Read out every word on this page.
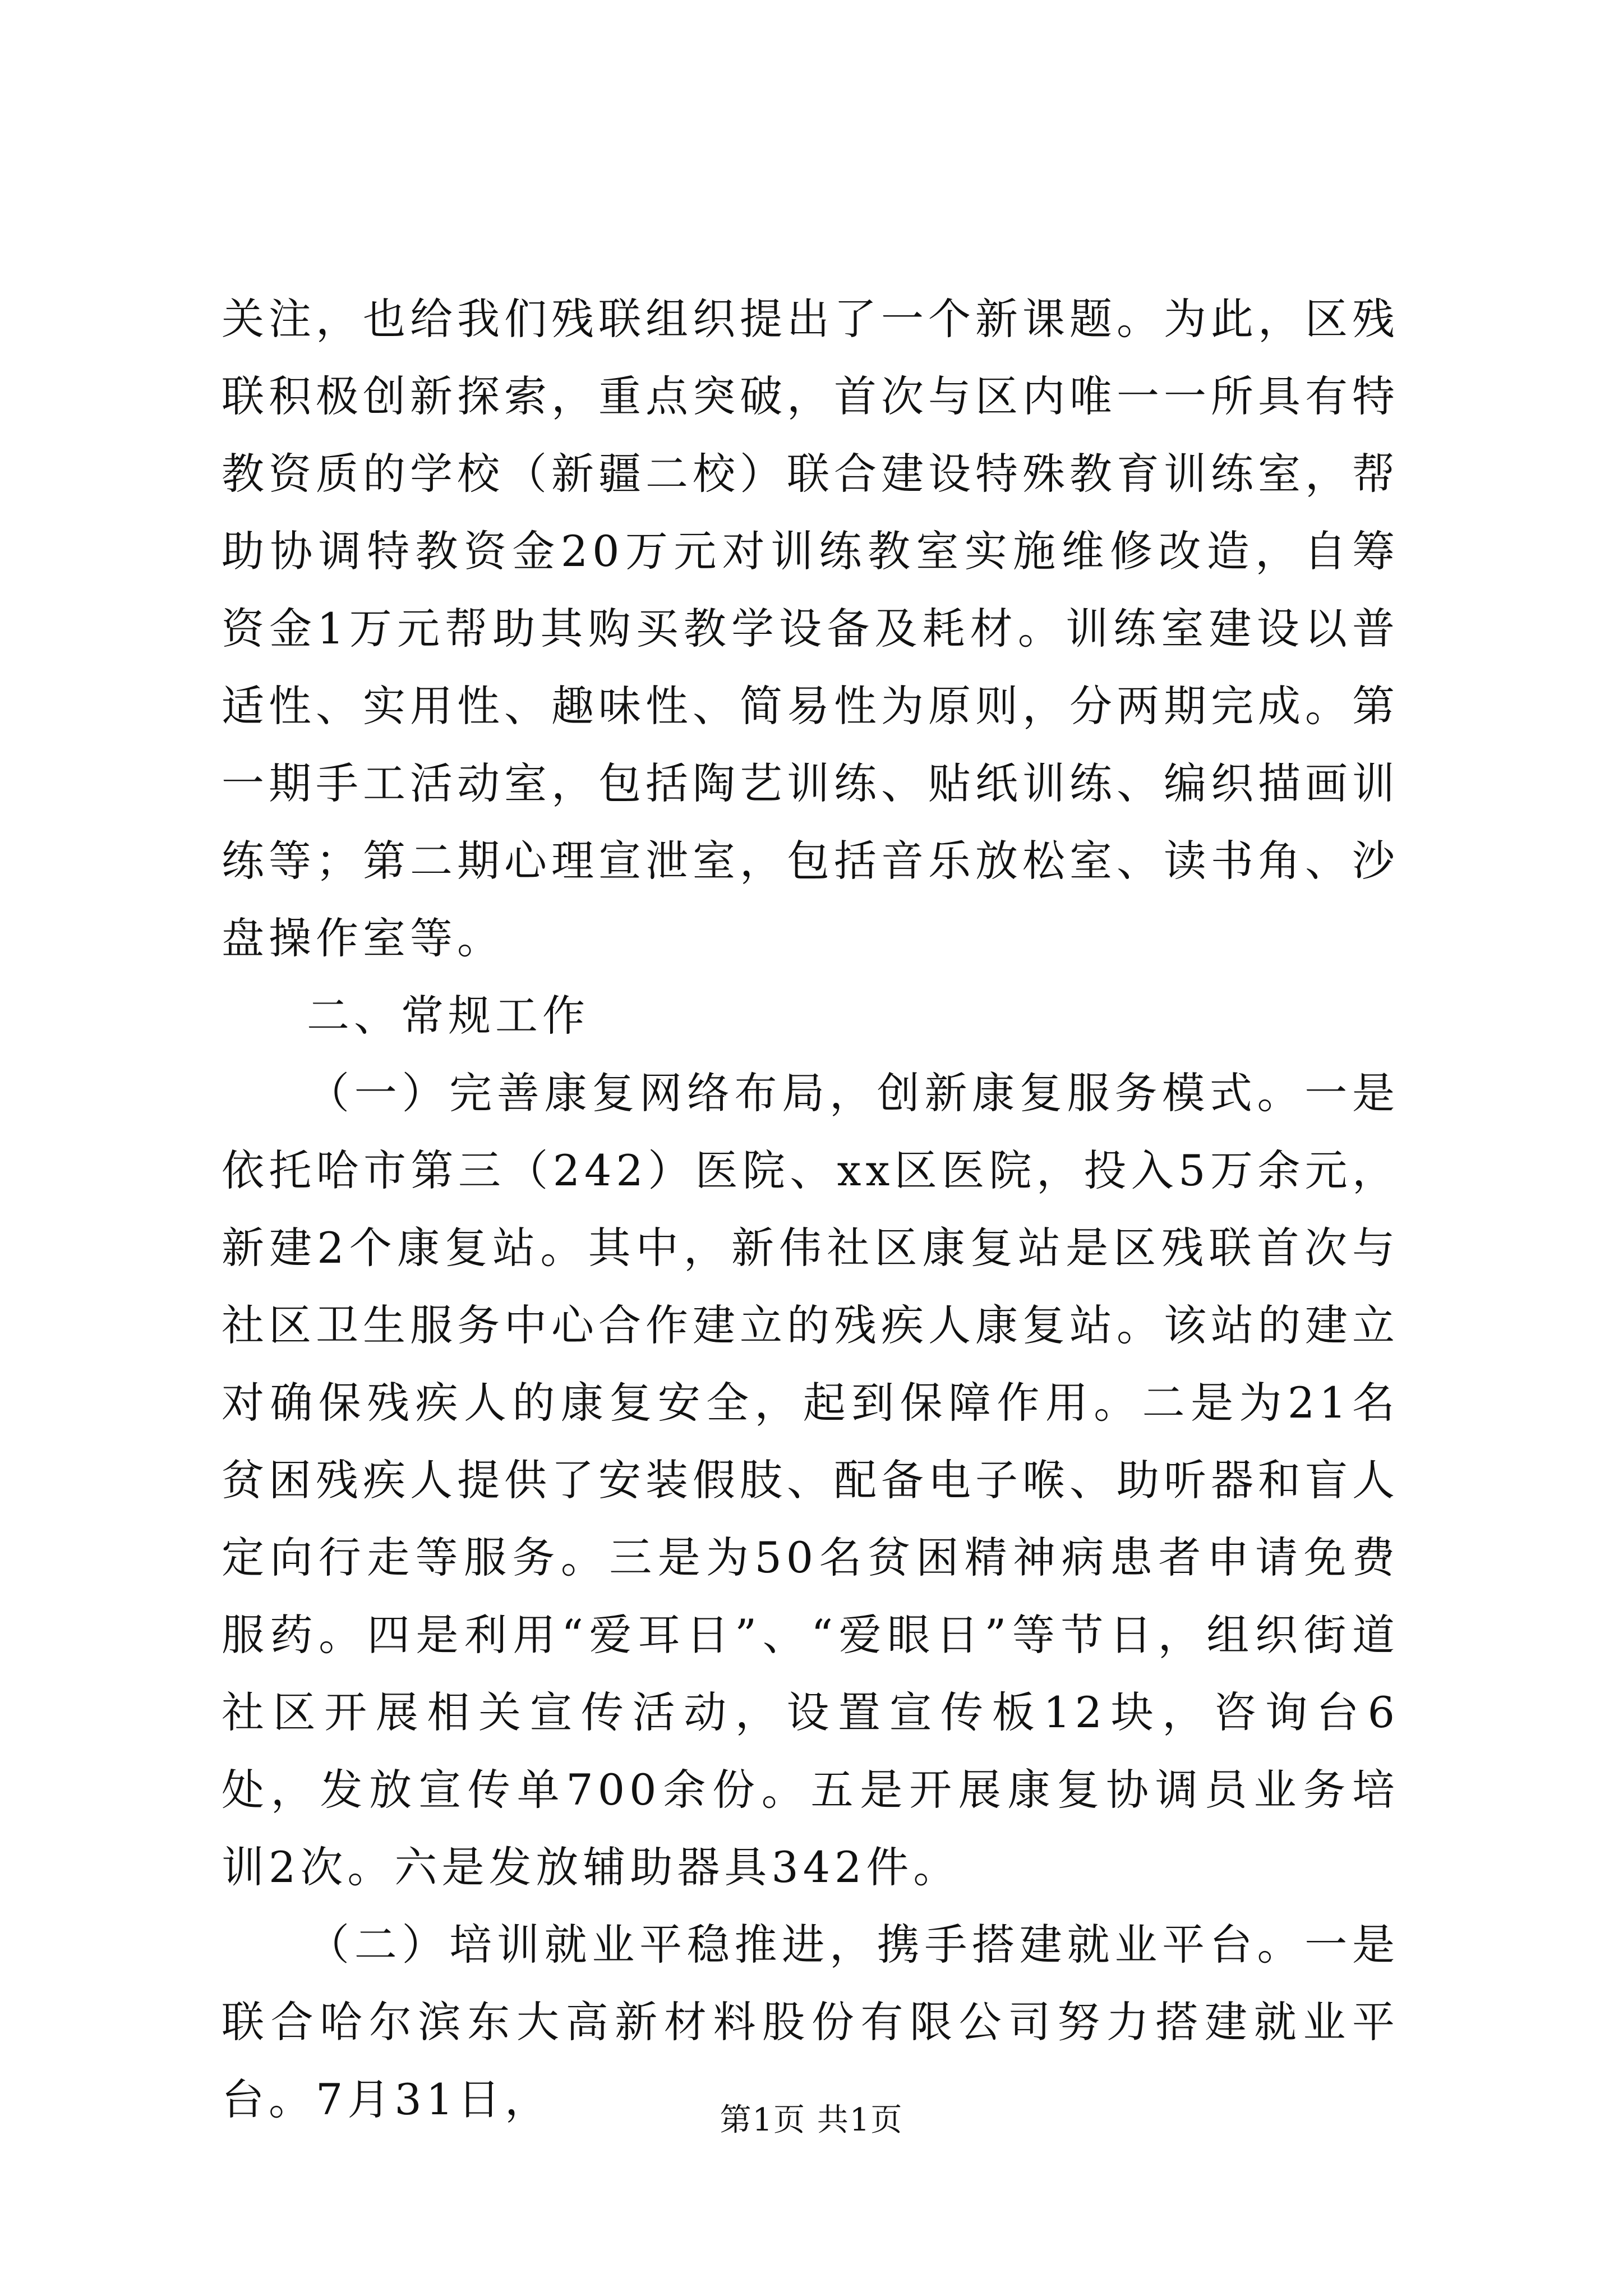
关注，也给我们残联组织提出了一个新课题。为此，区残联积极创新探索，重点突破，首次与区内唯一一所具有特教资质的学校（新疆二校）联合建设特殊教育训练室，帮助协调特教资金20万元对训练教室实施维修改造，自筹资金1万元帮助其购买教学设备及耗材。训练室建设以普适性、实用性、趣味性、简易性为原则，分两期完成。第一期手工活动室，包括陶艺训练、贴纸训练、编织描画训练等；第二期心理宣泄室，包括音乐放松室、读书角、沙盘操作室等。

二、常规工作

（一）完善康复网络布局，创新康复服务模式。一是依托哈市第三（242）医院、xx区医院，投入5万余元，新建2个康复站。其中，新伟社区康复站是区残联首次与社区卫生服务中心合作建立的残疾人康复站。该站的建立对确保残疾人的康复安全，起到保障作用。二是为21名贫困残疾人提供了安装假肢、配备电子喉、助听器和盲人定向行走等服务。三是为50名贫困精神病患者申请免费服药。四是利用“爱耳日”、“爱眼日”等节日，组织街道社区开展相关宣传活动，设置宣传板12块，咨询台6处，发放宣传单700余份。五是开展康复协调员业务培训2次。六是发放辅助器具342件。

（二）培训就业平稳推进，携手搭建就业平台。一是联合哈尔滨东大高新材料股份有限公司努力搭建就业平台。7月31日，	第1页 共1页
